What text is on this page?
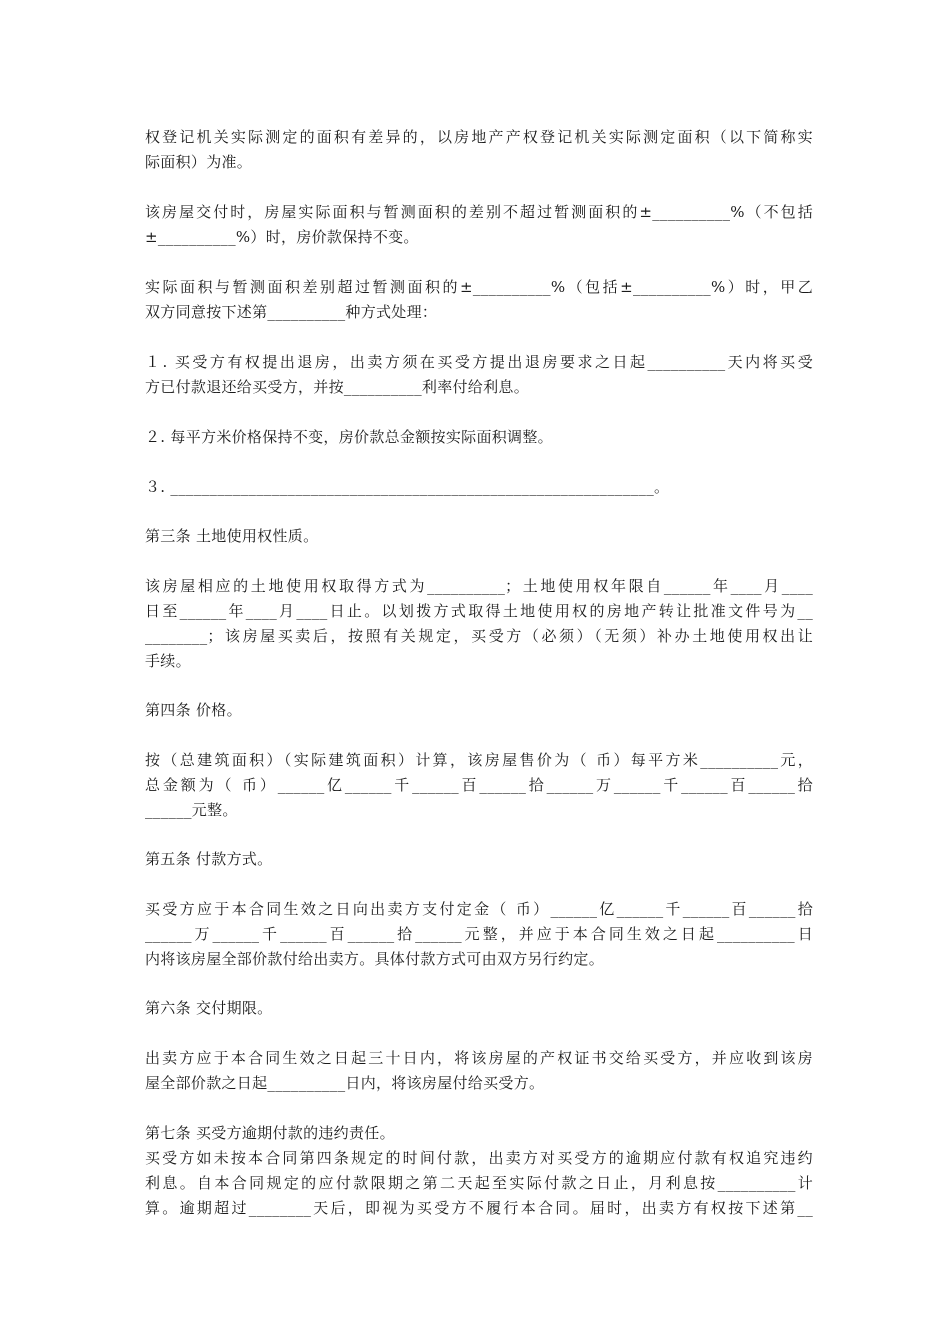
权登记机关实际测定的面积有差异的，以房地产产权登记机关实际测定面积（以下简称实
际面积）为准。
该房屋交付时，房屋实际面积与暂测面积的差别不超过暂测面积的±__________%（不包括
±__________%）时，房价款保持不变。
实际面积与暂测面积差别超过暂测面积的±__________%（包括±__________%）时，甲乙
双方同意按下述第__________种方式处理：
１. 买受方有权提出退房，出卖方须在买受方提出退房要求之日起__________天内将买受
方已付款退还给买受方，并按__________利率付给利息。
２. 每平方米价格保持不变，房价款总金额按实际面积调整。
３. ______________________________________________________________。
第三条 土地使用权性质。
该房屋相应的土地使用权取得方式为__________；土地使用权年限自______年____月____
日至______年____月____日止。以划拨方式取得土地使用权的房地产转让批准文件号为__
________；该房屋买卖后，按照有关规定，买受方（必须）（无须）补办土地使用权出让
手续。
第四条 价格。
按（总建筑面积）（实际建筑面积）计算，该房屋售价为（ 币）每平方米__________元，
总金额为（ 币）______亿______千______百______拾______万______千______百______拾
______元整。
第五条 付款方式。
买受方应于本合同生效之日向出卖方支付定金（ 币）______亿______千______百______拾
______万______千______百______拾______元整，并应于本合同生效之日起__________日
内将该房屋全部价款付给出卖方。具体付款方式可由双方另行约定。
第六条 交付期限。
出卖方应于本合同生效之日起三十日内，将该房屋的产权证书交给买受方，并应收到该房
屋全部价款之日起__________日内，将该房屋付给买受方。
第七条 买受方逾期付款的违约责任。
买受方如未按本合同第四条规定的时间付款，出卖方对买受方的逾期应付款有权追究违约
利息。自本合同规定的应付款限期之第二天起至实际付款之日止，月利息按__________计
算。逾期超过________天后，即视为买受方不履行本合同。届时，出卖方有权按下述第__
